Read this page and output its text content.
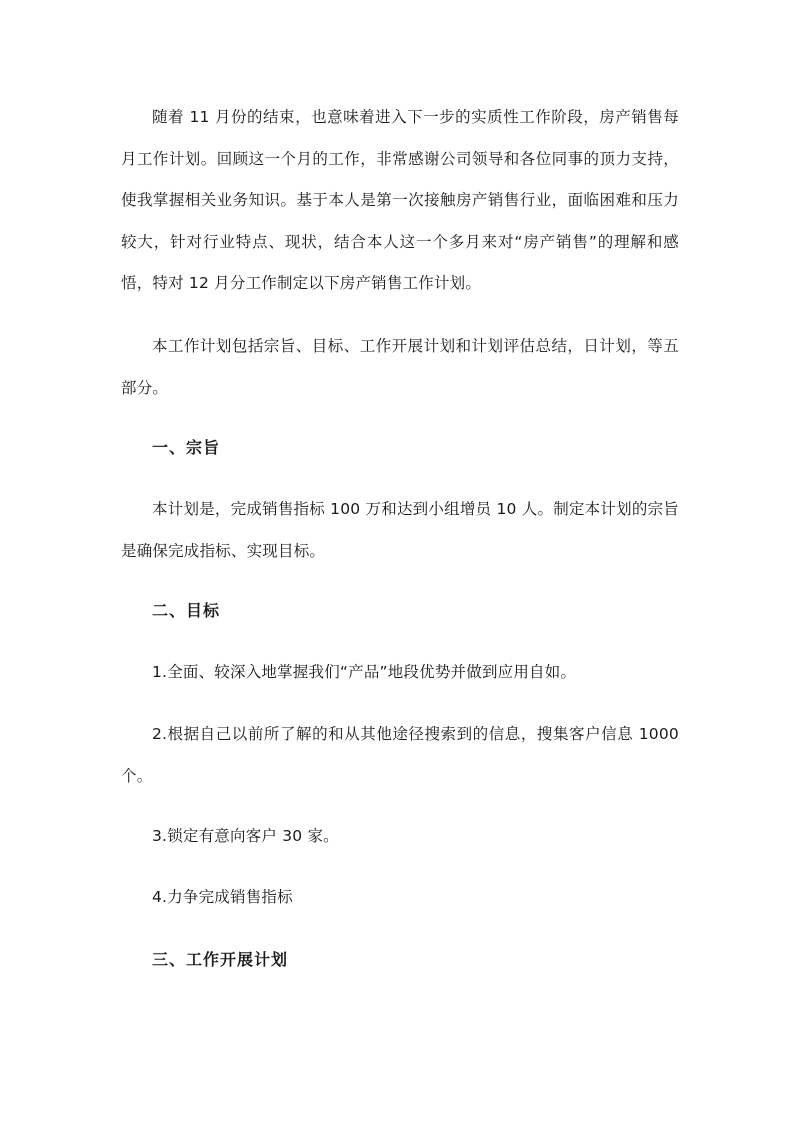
随着 11 月份的结束，也意味着进入下一步的实质性工作阶段，房产销售每月工作计划。回顾这一个月的工作，非常感谢公司领导和各位同事的顶力支持，使我掌握相关业务知识。基于本人是第一次接触房产销售行业，面临困难和压力较大，针对行业特点、现状，结合本人这一个多月来对“房产销售”的理解和感悟，特对 12 月分工作制定以下房产销售工作计划。

本工作计划包括宗旨、目标、工作开展计划和计划评估总结，日计划，等五部分。

一、宗旨

本计划是，完成销售指标 100 万和达到小组增员 10 人。制定本计划的宗旨是确保完成指标、实现目标。

二、目标

1.全面、较深入地掌握我们“产品”地段优势并做到应用自如。

2.根据自己以前所了解的和从其他途径搜索到的信息，搜集客户信息 1000 个。

3.锁定有意向客户 30 家。

4.力争完成销售指标

三、工作开展计划
